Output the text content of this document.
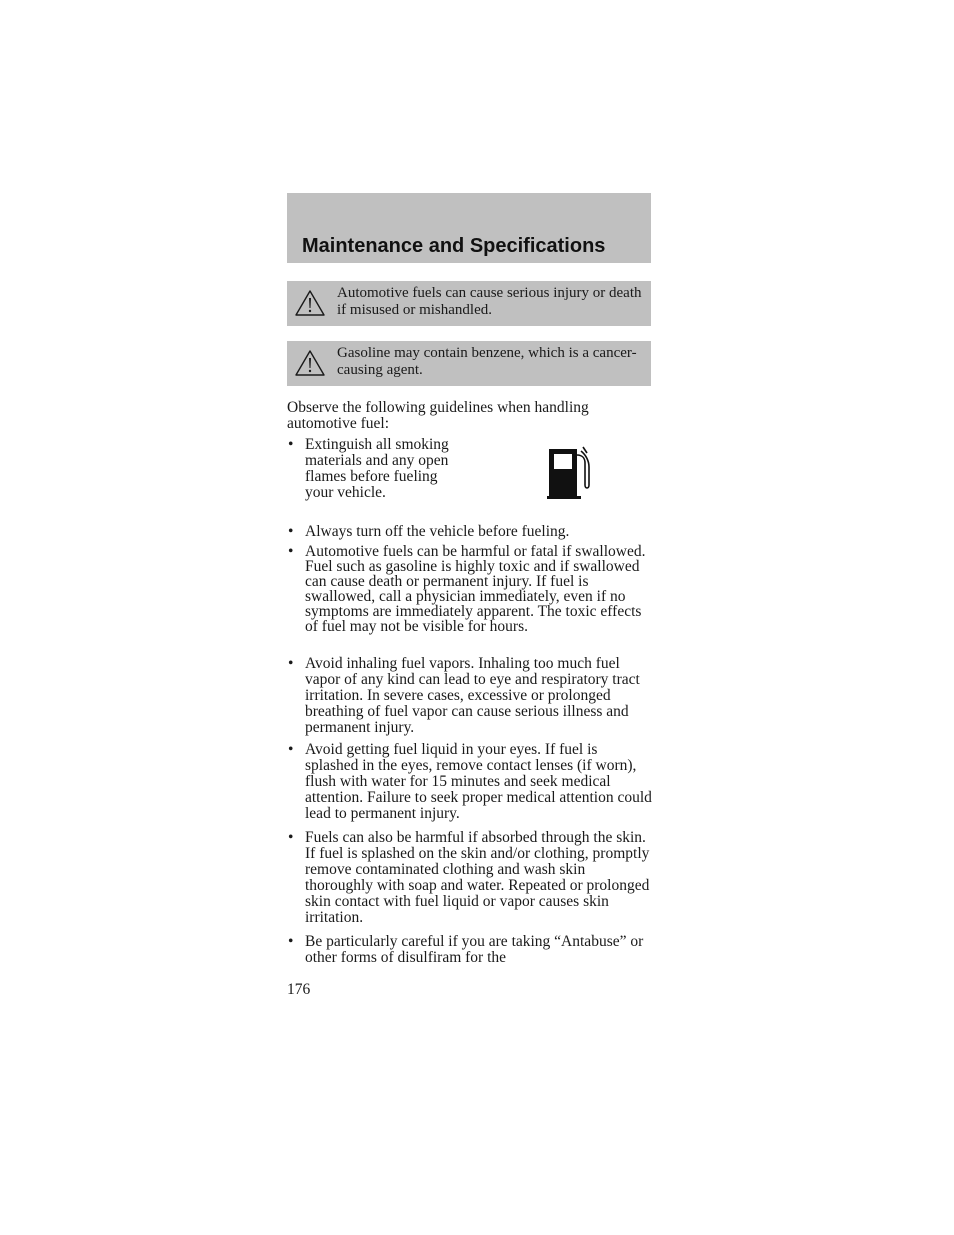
Maintenance and Specifications
Automotive fuels can cause serious injury or death if misused or mishandled.
Gasoline may contain benzene, which is a cancer-causing agent.
Observe the following guidelines when handling automotive fuel:
• Extinguish all smoking materials and any open flames before fueling your vehicle.
• Always turn off the vehicle before fueling.
• Automotive fuels can be harmful or fatal if swallowed. Fuel such as gasoline is highly toxic and if swallowed can cause death or permanent injury. If fuel is swallowed, call a physician immediately, even if no symptoms are immediately apparent. The toxic effects of fuel may not be visible for hours.
• Avoid inhaling fuel vapors. Inhaling too much fuel vapor of any kind can lead to eye and respiratory tract irritation. In severe cases, excessive or prolonged breathing of fuel vapor can cause serious illness and permanent injury.
• Avoid getting fuel liquid in your eyes. If fuel is splashed in the eyes, remove contact lenses (if worn), flush with water for 15 minutes and seek medical attention. Failure to seek proper medical attention could lead to permanent injury.
• Fuels can also be harmful if absorbed through the skin. If fuel is splashed on the skin and/or clothing, promptly remove contaminated clothing and wash skin thoroughly with soap and water. Repeated or prolonged skin contact with fuel liquid or vapor causes skin irritation.
• Be particularly careful if you are taking “Antabuse” or other forms of disulfiram for the
176
